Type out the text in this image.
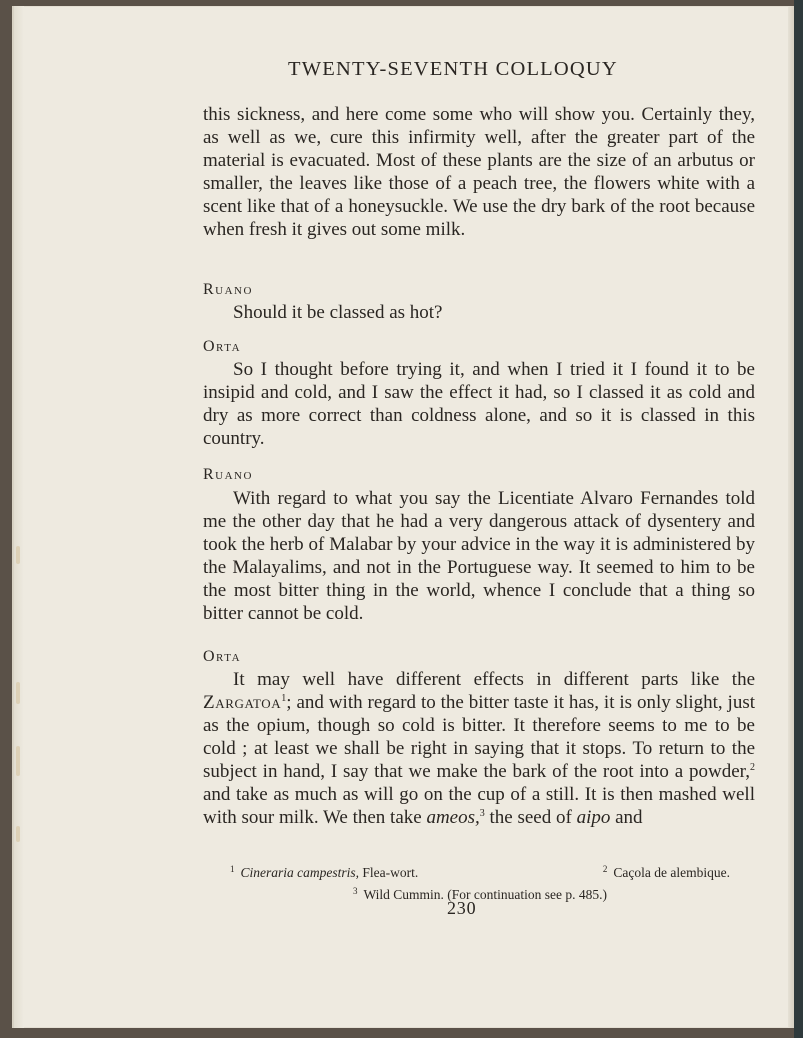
TWENTY-SEVENTH COLLOQUY

this sickness, and here come some who will show you. Certainly they, as well as we, cure this infirmity well, after the greater part of the material is evacuated. Most of these plants are the size of an arbutus or smaller, the leaves like those of a peach tree, the flowers white with a scent like that of a honeysuckle. We use the dry bark of the root because when fresh it gives out some milk.

Ruano

Should it be classed as hot?

Orta

So I thought before trying it, and when I tried it I found it to be insipid and cold, and I saw the effect it had, so I classed it as cold and dry as more correct than coldness alone, and so it is classed in this country.

Ruano

With regard to what you say the Licentiate Alvaro Fernandes told me the other day that he had a very dangerous attack of dysentery and took the herb of Malabar by your advice in the way it is administered by the Malayalims, and not in the Portuguese way. It seemed to him to be the most bitter thing in the world, whence I conclude that a thing so bitter cannot be cold.

Orta

It may well have different effects in different parts like the Zargatoa$^1$; and with regard to the bitter taste it has, it is only slight, just as the opium, though so cold is bitter. It therefore seems to me to be cold ; at least we shall be right in saying that it stops. To return to the subject in hand, I say that we make the bark of the root into a powder,$^2$ and take as much as will go on the cup of a still. It is then mashed well with sour milk. We then take ameos,$^3$ the seed of aipo and

$^1$ Cineraria campestris, Flea-wort.	$^2$ Caçola de alembique.
$^3$ Wild Cummin. (For continuation see p. 485.)
230
